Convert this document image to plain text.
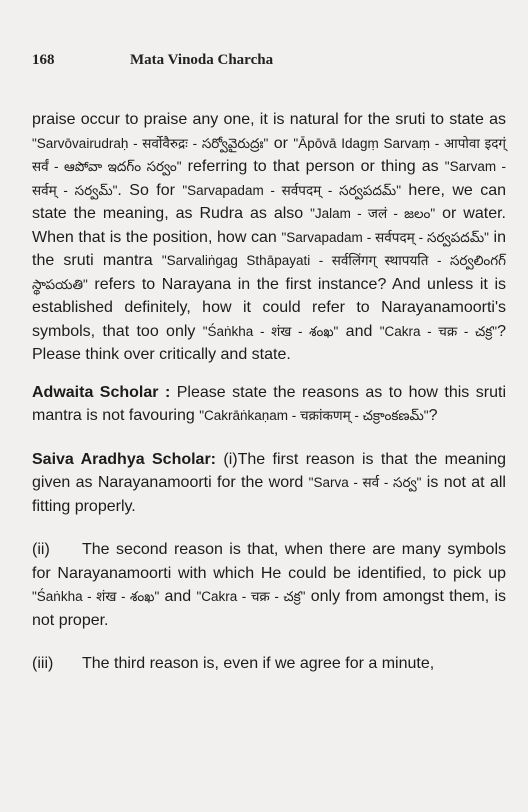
168	Mata Vinoda Charcha

praise occur to praise any one, it is natural for the sruti to state as "Sarvōvairudraḥ - सर्वोवैरुद्रः - సర్వోవైరుద్రః" or "Āpōvā Idagṃ Sarvaṃ - आपोवा इदग्ं सर्वं - ఆపోవా ఇదగ్ం సర్వం" referring to that person or thing as "Sarvam - सर्वम् - సర్వమ్". So for "Sarvapadam - सर्वपदम् - సర్వపదమ్" here, we can state the meaning, as Rudra as also "Jalam - जलं - జలం" or water. When that is the position, how can "Sarvapadam - सर्वपदम् - సర్వపదమ్" in the sruti mantra "Sarvaliṅgag Sthāpayati - सर्वलिंगग् स्थापयति - సర్వలింగగ్ స్థాపయతి" refers to Narayana in the first instance? And unless it is established definitely, how it could refer to Narayanamoorti's symbols, that too only "Śaṅkha - शंख - శంఖ" and "Cakra - चक्र - చక్ర"? Please think over critically and state.

Adwaita Scholar : Please state the reasons as to how this sruti mantra is not favouring "Cakrāṅkaṇam - चक्रांकणम् - చక్రాంకణమ్"?

Saiva Aradhya Scholar: (i)The first reason is that the meaning given as Narayanamoorti for the word "Sarva - सर्व - సర్వ" is not at all fitting properly.

(ii) The second reason is that, when there are many symbols for Narayanamoorti with which He could be identified, to pick up "Śaṅkha - शंख - శంఖ" and "Cakra - चक्र - చక్ర" only from amongst them, is not proper.

(iii) The third reason is, even if we agree for a minute,
